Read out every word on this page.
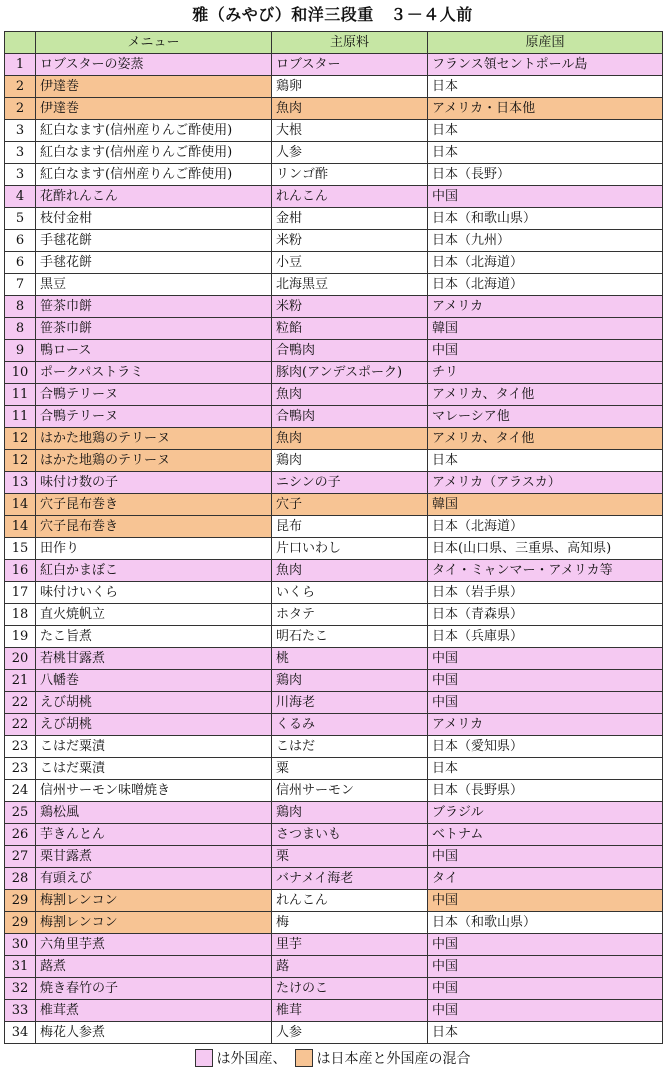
雅（みやび）和洋三段重　３－４人前
	メニュー	主原料	原産国
1	ロブスターの姿蒸	ロブスター	フランス領セントポール島
2	伊達巻	鶏卵	日本
2	伊達巻	魚肉	アメリカ・日本他
3	紅白なます(信州産りんご酢使用)	大根	日本
3	紅白なます(信州産りんご酢使用)	人参	日本
3	紅白なます(信州産りんご酢使用)	リンゴ酢	日本（長野）
4	花酢れんこん	れんこん	中国
5	枝付金柑	金柑	日本（和歌山県）
6	手毬花餅	米粉	日本（九州）
6	手毬花餅	小豆	日本（北海道）
7	黒豆	北海黒豆	日本（北海道）
8	笹茶巾餅	米粉	アメリカ
8	笹茶巾餅	粒餡	韓国
9	鴨ロース	合鴨肉	中国
10	ポークパストラミ	豚肉(アンデスポーク)	チリ
11	合鴨テリーヌ	魚肉	アメリカ、タイ他
11	合鴨テリーヌ	合鴨肉	マレーシア他
12	はかた地鶏のテリーヌ	魚肉	アメリカ、タイ他
12	はかた地鶏のテリーヌ	鶏肉	日本
13	味付け数の子	ニシンの子	アメリカ（アラスカ）
14	穴子昆布巻き	穴子	韓国
14	穴子昆布巻き	昆布	日本（北海道）
15	田作り	片口いわし	日本(山口県、三重県、高知県)
16	紅白かまぼこ	魚肉	タイ・ミャンマー・アメリカ等
17	味付けいくら	いくら	日本（岩手県）
18	直火焼帆立	ホタテ	日本（青森県）
19	たこ旨煮	明石たこ	日本（兵庫県）
20	若桃甘露煮	桃	中国
21	八幡巻	鶏肉	中国
22	えび胡桃	川海老	中国
22	えび胡桃	くるみ	アメリカ
23	こはだ粟漬	こはだ	日本（愛知県）
23	こはだ粟漬	粟	日本
24	信州サーモン味噌焼き	信州サーモン	日本（長野県）
25	鶏松風	鶏肉	ブラジル
26	芋きんとん	さつまいも	ベトナム
27	栗甘露煮	栗	中国
28	有頭えび	バナメイ海老	タイ
29	梅割レンコン	れんこん	中国
29	梅割レンコン	梅	日本（和歌山県）
30	六角里芋煮	里芋	中国
31	蕗煮	蕗	中国
32	焼き春竹の子	たけのこ	中国
33	椎茸煮	椎茸	中国
34	梅花人参煮	人参	日本
は外国産、 は日本産と外国産の混合
